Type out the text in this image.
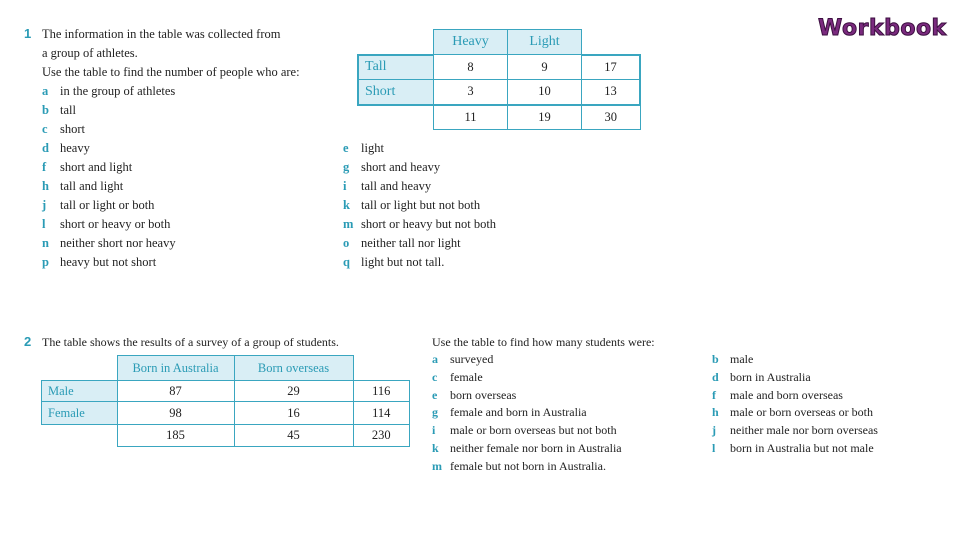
Workbook
1 The information in the table was collected from
a group of athletes.
Use the table to find the number of people who are:
a in the group of athletes
b tall
c short
d heavy
f short and light
h tall and light
j tall or light or both
l short or heavy or both
n neither short nor heavy
p heavy but not short
e light
g short and heavy
i tall and heavy
k tall or light but not both
m short or heavy but not both
o neither tall nor light
q light but not tall.
	Heavy	Light	
Tall	8	9	17
Short	3	10	13
	11	19	30
2 The table shows the results of a survey of a group of students.	Use the table to find how many students were:
a surveyed
c female
e born overseas
g female and born in Australia
i male or born overseas but not both
k neither female nor born in Australia
m female but not born in Australia.
b male
d born in Australia
f male and born overseas
h male or born overseas or both
j neither male nor born overseas
l born in Australia but not male
	Born in Australia	Born overseas	
Male	87	29	116
Female	98	16	114
	185	45	230
